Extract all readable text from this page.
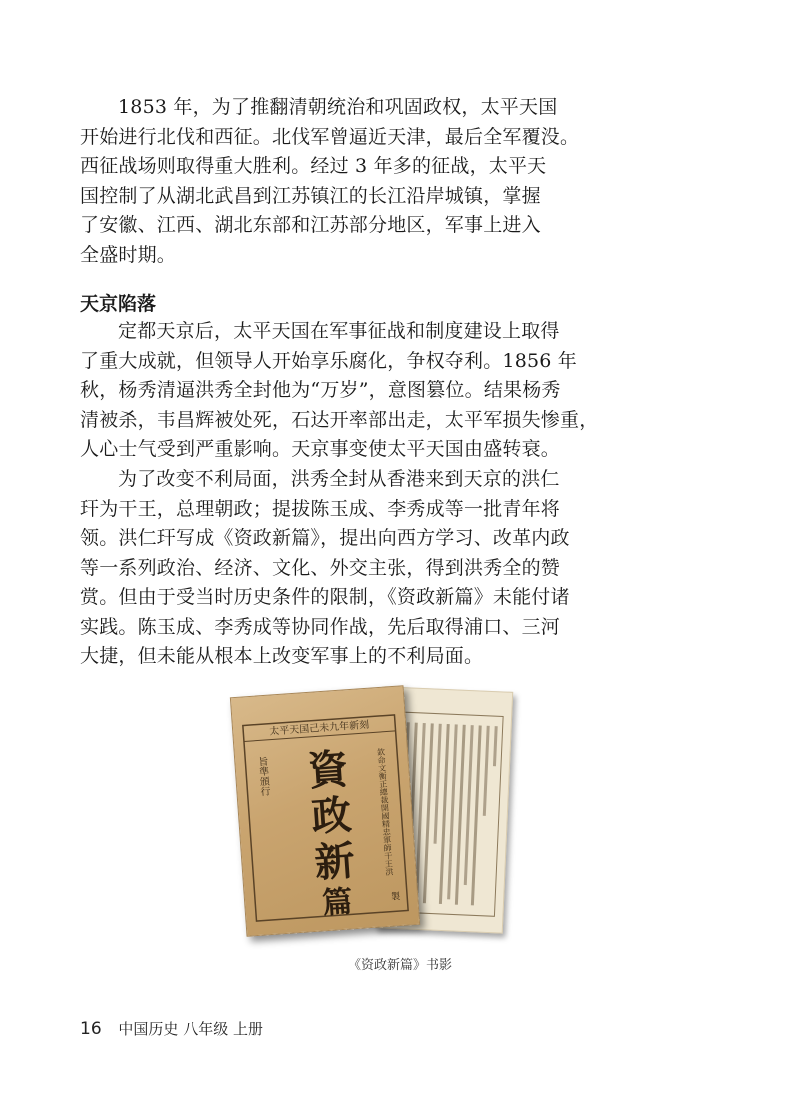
1853 年，为了推翻清朝统治和巩固政权，太平天国
开始进行北伐和西征。北伐军曾逼近天津，最后全军覆没。
西征战场则取得重大胜利。经过 3 年多的征战，太平天
国控制了从湖北武昌到江苏镇江的长江沿岸城镇，掌握
了安徽、江西、湖北东部和江苏部分地区，军事上进入
全盛时期。
天京陷落
定都天京后，太平天国在军事征战和制度建设上取得
了重大成就，但领导人开始享乐腐化，争权夺利。1856 年
秋，杨秀清逼洪秀全封他为“万岁”，意图篡位。结果杨秀
清被杀，韦昌辉被处死，石达开率部出走，太平军损失惨重，
人心士气受到严重影响。天京事变使太平天国由盛转衰。
为了改变不利局面，洪秀全封从香港来到天京的洪仁
玕为干王，总理朝政；提拔陈玉成、李秀成等一批青年将
领。洪仁玕写成《资政新篇》，提出向西方学习、改革内政
等一系列政治、经济、文化、外交主张，得到洪秀全的赞
赏。但由于受当时历史条件的限制，《资政新篇》未能付诸
实践。陈玉成、李秀成等协同作战，先后取得浦口、三河
大捷，但未能从根本上改变军事上的不利局面。
太平天国己未九年新刻
資
政
新
篇
欽命文衡正總裁開國精忠軍師干王洪
旨準頒行
製

《资政新篇》书影

16 中国历史 八年级 上册
